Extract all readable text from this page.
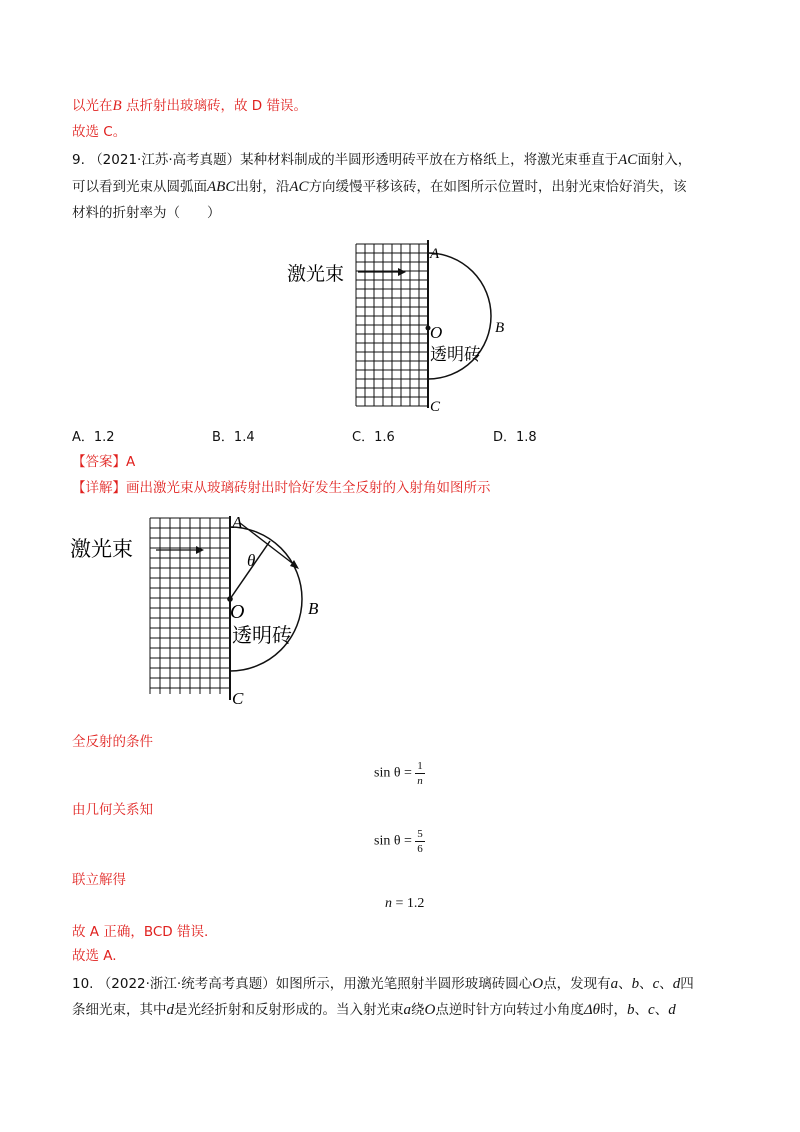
以光在B 点折射出玻璃砖，故 D 错误。
故选 C。
9. （2021·江苏·高考真题）某种材料制成的半圆形透明砖平放在方格纸上，将激光束垂直于AC面射入，
可以看到光束从圆弧面ABC出射，沿AC方向缓慢平移该砖，在如图所示位置时，出射光束恰好消失，该
材料的折射率为（　　）
激光束
A
B
C
O
透明砖
A．1.2	B．1.4	C．1.6	D．1.8
【答案】A
【详解】画出激光束从玻璃砖射出时恰好发生全反射的入射角如图所示
激光束
A
B
C
O
θ
透明砖
全反射的条件
$\sin \theta = \frac{1}{n}$
由几何关系知
$\sin \theta = \frac{5}{6}$
联立解得
n = 1.2
故 A 正确，BCD 错误.
故选 A.
10. （2022·浙江·统考高考真题）如图所示，用激光笔照射半圆形玻璃砖圆心O点，发现有a、b、c、d四
条细光束，其中d是光经折射和反射形成的。当入射光束a绕O点逆时针方向转过小角度Δθ时，b、c、d
